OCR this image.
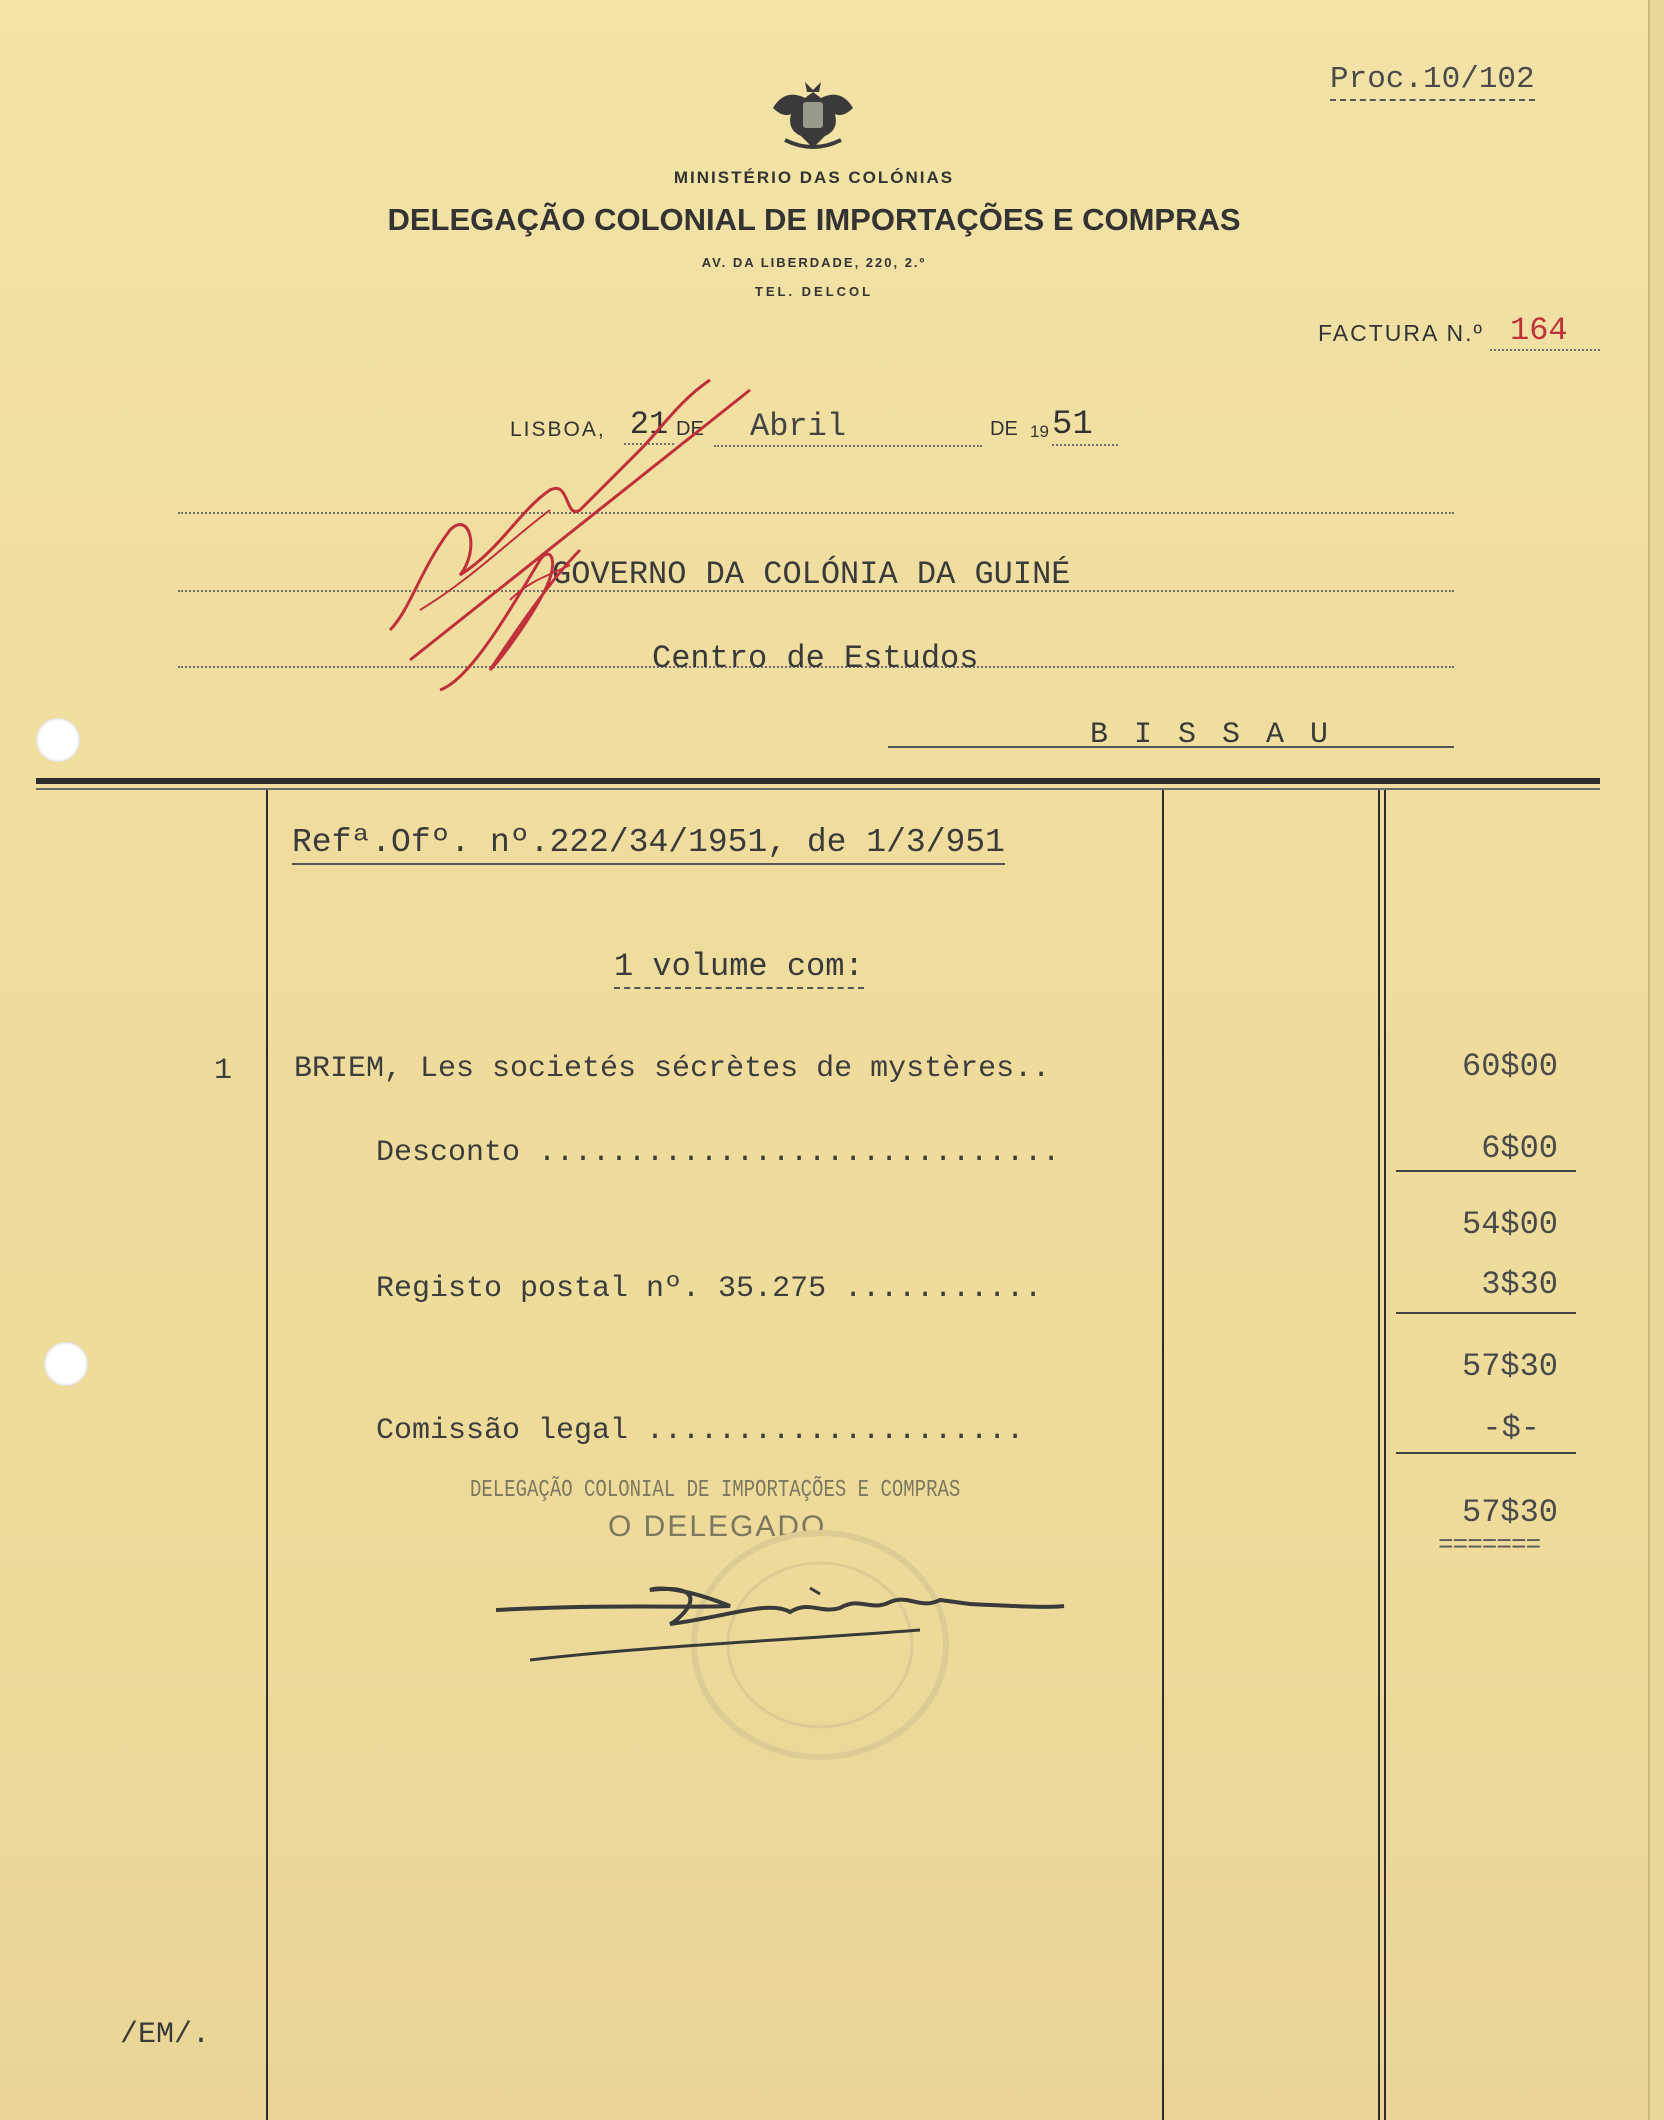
Proc.10/102
MINISTÉRIO DAS COLÓNIAS
DELEGAÇÃO COLONIAL DE IMPORTAÇÕES E COMPRAS
AV. DA LIBERDADE, 220, 2.º
TEL. DELCOL
FACTURA N.º 164
LISBOA, 21 DE	Abril	DE 19 51
GOVERNO DA COLÓNIA DA GUINÉ
Centro de Estudos
B I S S A U
Refª.Ofº. nº.222/34/1951, de 1/3/951
1 volume com:
1 BRIEM, Les societés sécrètes de mystères..	60$00
Desconto .............................	6$00
54$00
Registo postal nº. 35.275 ...........	3$30
57$30
Comissão legal .....................	-$-
57$30
=======
DELEGAÇÃO COLONIAL DE IMPORTAÇÕES E COMPRAS
O DELEGADO
/EM/.
